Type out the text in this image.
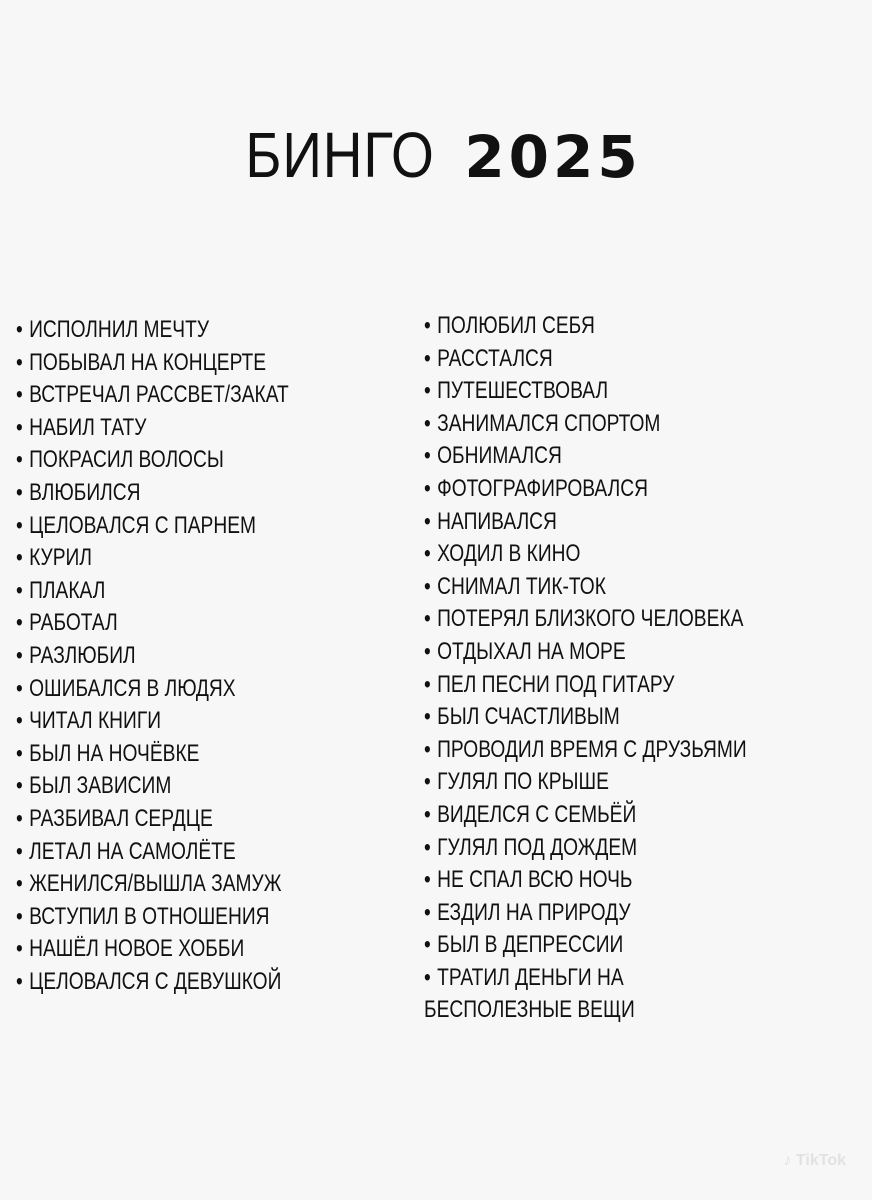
БИНГО 2025
• ИСПОЛНИЛ МЕЧТУ
• ПОБЫВАЛ НА КОНЦЕРТЕ
• ВСТРЕЧАЛ РАССВЕТ/ЗАКАТ
• НАБИЛ ТАТУ
• ПОКРАСИЛ ВОЛОСЫ
• ВЛЮБИЛСЯ
• ЦЕЛОВАЛСЯ С ПАРНЕМ
• КУРИЛ
• ПЛАКАЛ
• РАБОТАЛ
• РАЗЛЮБИЛ
• ОШИБАЛСЯ В ЛЮДЯХ
• ЧИТАЛ КНИГИ
• БЫЛ НА НОЧЁВКЕ
• БЫЛ ЗАВИСИМ
• РАЗБИВАЛ СЕРДЦЕ
• ЛЕТАЛ НА САМОЛЁТЕ
• ЖЕНИЛСЯ/ВЫШЛА ЗАМУЖ
• ВСТУПИЛ В ОТНОШЕНИЯ
• НАШЁЛ НОВОЕ ХОББИ
• ЦЕЛОВАЛСЯ С ДЕВУШКОЙ
• ПОЛЮБИЛ СЕБЯ
• РАССТАЛСЯ
• ПУТЕШЕСТВОВАЛ
• ЗАНИМАЛСЯ СПОРТОМ
• ОБНИМАЛСЯ
• ФОТОГРАФИРОВАЛСЯ
• НАПИВАЛСЯ
• ХОДИЛ В КИНО
• СНИМАЛ ТИК-ТОК
• ПОТЕРЯЛ БЛИЗКОГО ЧЕЛОВЕКА
• ОТДЫХАЛ НА МОРЕ
• ПЕЛ ПЕСНИ ПОД ГИТАРУ
• БЫЛ СЧАСТЛИВЫМ
• ПРОВОДИЛ ВРЕМЯ С ДРУЗЬЯМИ
• ГУЛЯЛ ПО КРЫШЕ
• ВИДЕЛСЯ С СЕМЬЁЙ
• ГУЛЯЛ ПОД ДОЖДЕМ
• НЕ СПАЛ ВСЮ НОЧЬ
• ЕЗДИЛ НА ПРИРОДУ
• БЫЛ В ДЕПРЕССИИ
• ТРАТИЛ ДЕНЬГИ НА
БЕСПОЛЕЗНЫЕ ВЕЩИ
♪ TikTok
